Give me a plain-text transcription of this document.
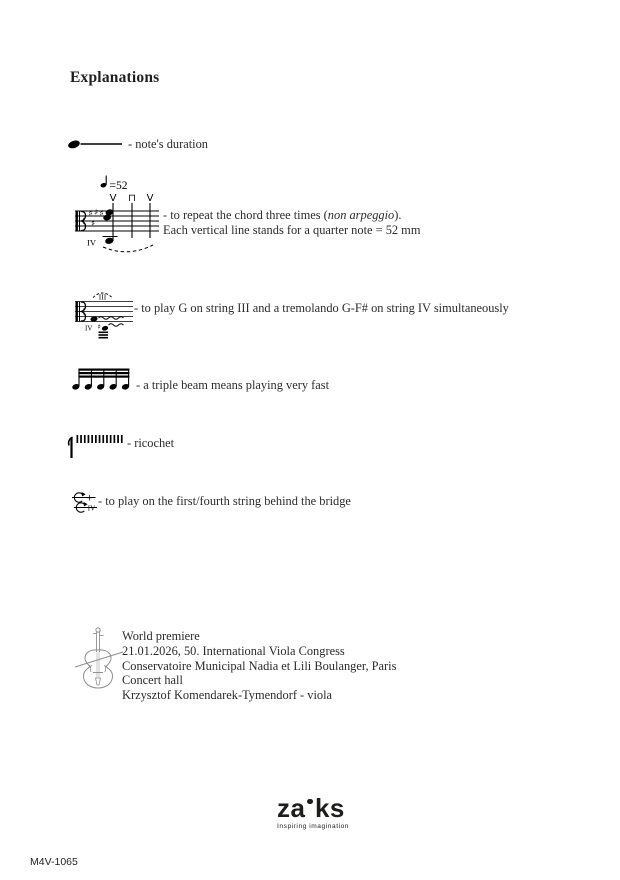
Explanations
- note's duration
=52
V ⊓ V
♯ ♯ ♯
♯
IV
- to repeat the chord three times (non arpeggio).
Each vertical line stands for a quarter note = 52 mm
III
IV ♯
- to play G on string III and a tremolando G-F# on string IV simultaneously
- a triple beam means playing very fast
- ricochet
+
IV
- to play on the first/fourth string behind the bridge
World premiere
21.01.2026, 50. International Viola Congress
Conservatoire Municipal Nadia et Lili Boulanger, Paris
Concert hall
Krzysztof Komendarek-Tymendorf - viola
za ks
Inspiring imagination
M4V-1065
